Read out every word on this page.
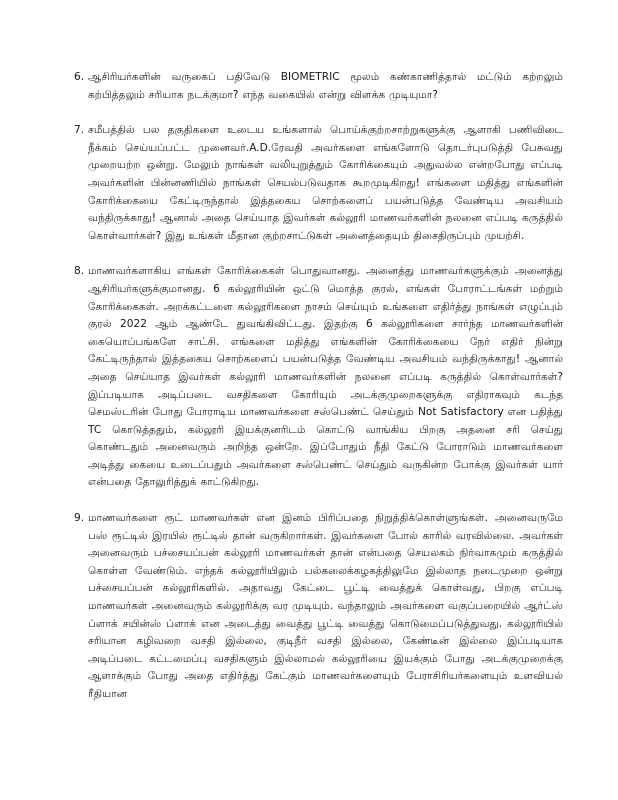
6. ஆசிரியர்களின் வருகைப் பதிவேடு BIOMETRIC மூலம் கண்காணித்தால் மட்டும் கற்றலும் கற்பித்தலும் சரியாக நடக்குமா? எந்த வகையில் என்று விளக்க முடியுமா?
7. சமீபத்தில் பல தகுதிகளை உடைய உங்களால் பொய்க்குற்றசாற்றுகளுக்கு ஆளாகி பணிவிடை நீக்கம் செய்யப்பட்ட முனைவர்.A.D.ரேவதி அவர்களை எங்களோடு தொடர்புபடுத்தி பேசுவது முறையற்ற ஒன்று. மேலும் நாங்கள் வலியுறுத்தும் கோரிக்கையும் அதுவல்ல என்றபோது எப்படி அவர்களின் பின்னணியில் நாங்கள் செயல்படுவதாக கூறமுடிகிறது! எங்களை மதித்து எங்களின் கோரிக்கையை கேட்டிருந்தால் இத்தகைய சொற்களைப் பயன்படுத்த வேண்டிய அவசியம் வந்திருக்காது! ஆனால் அதை செய்யாத இவர்கள் கல்லூரி மாணவர்களின் நலனை எப்படி கருத்தில் கொள்வார்கள்? இது உங்கள் மீதான குற்றசாட்டுகள் அனைத்தையும் திசைதிருப்பும் முயற்சி.
8. மாணவர்களாகிய எங்கள் கோரிக்கைகள் பொதுவானது. அனைத்து மாணவர்களுக்கும் அனைத்து ஆசிரியர்களுக்குமானது. 6 கல்லூரியின் ஒட்டு மொத்த குரல், எங்கள் போராட்டங்கள் மற்றும் கோரிக்கைகள். அறக்கட்டளை கல்லூரிகளை நாசம் செய்யும் உங்களை எதிர்த்து நாங்கள் எழுப்பும் குரல் 2022 ஆம் ஆண்டே துவங்கிவிட்டது. இதற்கு 6 கல்லூரிகளை சார்ந்த மாணவர்களின் கையொப்பங்களே சாட்சி. எங்களை மதித்து எங்களின் கோரிக்கையை நேர் எதிர் நின்று கேட்டிருந்தால் இத்தகைய சொற்களைப் பயன்படுத்த வேண்டிய அவசியம் வந்திருக்காது! ஆனால் அதை செய்யாத இவர்கள் கல்லூரி மாணவர்களின் நலனை எப்படி கருத்தில் கொள்வார்கள்? இப்படியாக அடிப்படை வசதிகளை கோரியும் அடக்குமுறைகளுக்கு எதிராகவும் கடந்த செமஸ்டரின் போது போராடிய மாணவர்களை சஸ்பெண்ட் செய்தும் Not Satisfactory என பதித்து TC கொடுத்ததும், கல்லூரி இயக்குனரிடம் கொட்டு வாங்கிய பிறகு அதனை சரி செய்து கொண்டதும் அனைவரும் அறிந்த ஒன்றே. இப்போதும் நீதி கேட்டு போராடும் மாணவர்களை அடித்து கையை உடைப்பதும் அவர்களை சஸ்பெண்ட் செய்தும் வருகின்ற போக்கு இவர்கள் யார் என்பதை தோலுரித்துக் காட்டுகிறது.
9. மாணவர்களை ரூட் மாணவர்கள் என இனம் பிரிப்பதை நிறுத்திக்கொள்ளுங்கள். அனைவருமே பஸ் ரூட்டில் இரயில் ரூட்டில் தான் வருகிறார்கள். இவர்களை போல் காரில் வரவில்லை. அவர்கள் அனைவரும் பச்சையப்பன் கல்லூரி மாணவர்கள் தான் என்பதை செயலகம் நிர்வாகமும் கருத்தில் கொள்ள வேண்டும். எந்தக் கல்லூரியிலும் பல்கலைக்கழகத்திலுமே இல்லாத நடைமுறை ஒன்று பச்சையப்பன் கல்லூரிகளில். அதாவது கேட்டை பூட்டி வைத்துக் கொள்வது, பிறகு எப்படி மாணவர்கள் அனைவரும் கல்லூரிக்கு வர முடியும். வந்தாலும் அவர்களை வகுப்பறையில் ஆர்ட்ஸ் ப்ளாக் சயின்ஸ் ப்ளாக் என அடைத்து வைத்து பூட்டி வைத்து கொடுமைப்படுத்துவது. கல்லூரியில் சரியான கழிவறை வசதி இல்லை, குடிநீர் வசதி இல்லை, கேண்டீன் இல்லை இப்படியாக அடிப்படை கட்டமைப்பு வசதிகளும் இல்லாமல் கல்லூரியை இயக்கும் போது அடக்குமுறைக்கு ஆளாக்கும் போது அதை எதிர்த்து கேட்கும் மாணவர்களையும் பேராசிரியர்களையும் உளவியல் ரீதியான
